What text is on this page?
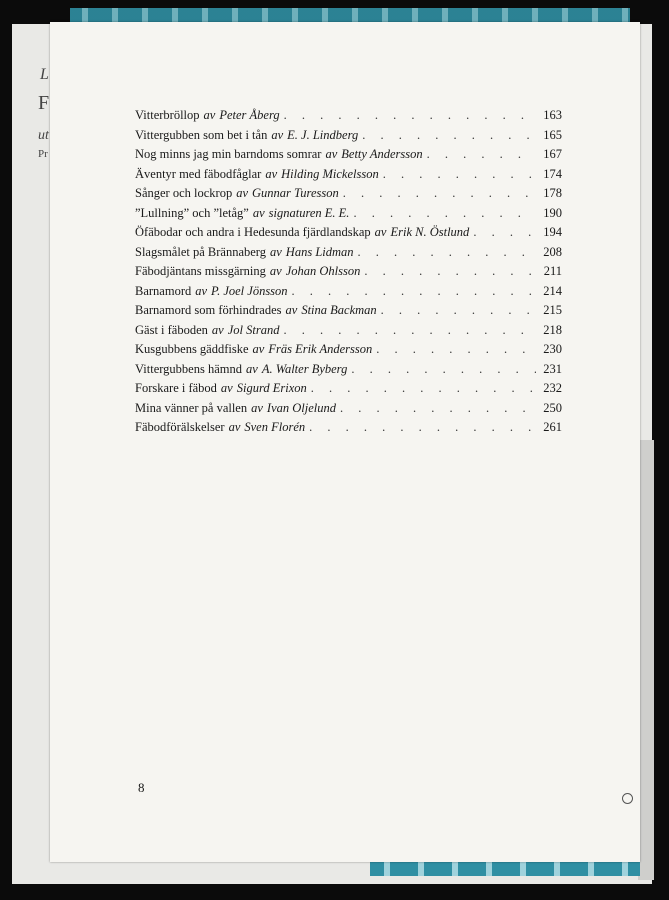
L
F
ut
Pr
Vitterbröllop av Peter Åberg . . .	163
Vittergubben som bet i tån av E. J. Lindberg . . .	165
Nog minns jag min barndoms somrar av Betty Andersson . . .	167
Äventyr med fäbodfåglar av Hilding Mickelsson . . .	174
Sånger och lockrop av Gunnar Turesson . . .	178
”Lullning” och ”letåg” av signaturen E. E. . . .	190
Öfäbodar och andra i Hedesunda fjärdlandskap av Erik N. Östlund . . .	194
Slagsmålet på Brännaberg av Hans Lidman . . .	208
Fäbodjäntans missgärning av Johan Ohlsson . . .	211
Barnamord av P. Joel Jönsson . . .	214
Barnamord som förhindrades av Stina Backman . . .	215
Gäst i fäboden av Jol Strand . . .	218
Kusgubbens gäddfiske av Fräs Erik Andersson . . .	230
Vittergubbens hämnd av A. Walter Byberg . . .	231
Forskare i fäbod av Sigurd Erixon . . .	232
Mina vänner på vallen av Ivan Oljelund . . .	250
Fäbodförälskelser av Sven Florén . . .	261
8
